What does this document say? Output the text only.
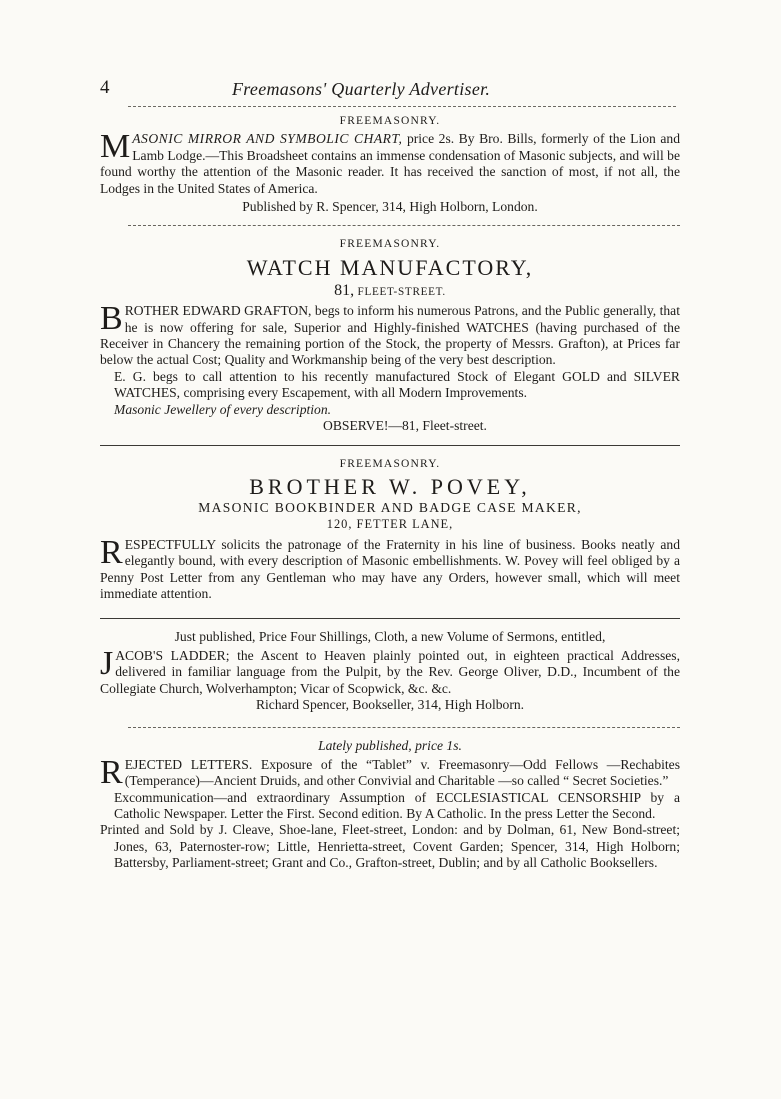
4	Freemasons' Quarterly Advertiser.
FREEMASONRY.

MASONIC MIRROR AND SYMBOLIC CHART, price 2s. By Bro. Bills, formerly of the Lion and Lamb Lodge.—This Broadsheet contains an immense condensation of Masonic subjects, and will be found worthy the attention of the Masonic reader. It has received the sanction of most, if not all, the Lodges in the United States of America.

Published by R. Spencer, 314, High Holborn, London.
FREEMASONRY.
WATCH MANUFACTORY,
81, FLEET-STREET.

BROTHER EDWARD GRAFTON, begs to inform his numerous Patrons, and the Public generally, that he is now offering for sale, Superior and Highly-finished WATCHES (having purchased of the Receiver in Chancery the remaining portion of the Stock, the property of Messrs. Grafton), at Prices far below the actual Cost; Quality and Workmanship being of the very best description.

E. G. begs to call attention to his recently manufactured Stock of Elegant GOLD and SILVER WATCHES, comprising every Escapement, with all Modern Improvements.

Masonic Jewellery of every description.

OBSERVE!—81, Fleet-street.
FREEMASONRY.
BROTHER W. POVEY,
MASONIC BOOKBINDER AND BADGE CASE MAKER,
120, FETTER LANE,

RESPECTFULLY solicits the patronage of the Fraternity in his line of business. Books neatly and elegantly bound, with every description of Masonic embellishments. W. Povey will feel obliged by a Penny Post Letter from any Gentleman who may have any Orders, however small, which will meet immediate attention.

Just published, Price Four Shillings, Cloth, a new Volume of Sermons, entitled,

JACOB'S LADDER; the Ascent to Heaven plainly pointed out, in eighteen practical Addresses, delivered in familiar language from the Pulpit, by the Rev. George Oliver, D.D., Incumbent of the Collegiate Church, Wolverhampton; Vicar of Scopwick, &c. &c.

Richard Spencer, Bookseller, 314, High Holborn.
Lately published, price 1s.

REJECTED LETTERS. Exposure of the “Tablet” v. Freemasonry—Odd Fellows —Rechabites (Temperance)—Ancient Druids, and other Convivial and Charitable —so called “ Secret Societies.”

Excommunication—and extraordinary Assumption of ECCLESIASTICAL CENSORSHIP by a Catholic Newspaper. Letter the First. Second edition. By A Catholic. In the press Letter the Second.

Printed and Sold by J. Cleave, Shoe-lane, Fleet-street, London: and by Dolman, 61, New Bond-street; Jones, 63, Paternoster-row; Little, Henrietta-street, Covent Garden; Spencer, 314, High Holborn; Battersby, Parliament-street; Grant and Co., Grafton-street, Dublin; and by all Catholic Booksellers.
